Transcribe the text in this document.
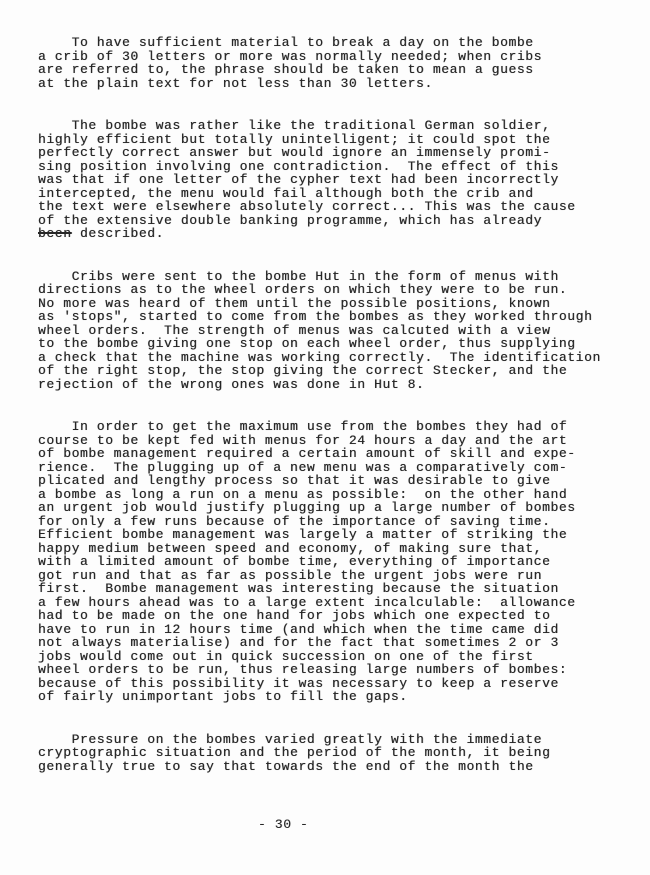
To have sufficient material to break a day on the bombe
a crib of 30 letters or more was normally needed; when cribs
are referred to, the phrase should be taken to mean a guess
at the plain text for not less than 30 letters.
The bombe was rather like the traditional German soldier,
highly efficient but totally unintelligent; it could spot the
perfectly correct answer but would ignore an immensely promi-
sing position involving one contradiction.  The effect of this
was that if one letter of the cypher text had been incorrectly
intercepted, the menu would fail although both the crib and
the text were elsewhere absolutely correct... This was the cause
of the extensive double banking programme, which has already
been described.
Cribs were sent to the bombe Hut in the form of menus with
directions as to the wheel orders on which they were to be run.
No more was heard of them until the possible positions, known
as 'stops", started to come from the bombes as they worked through
wheel orders.  The strength of menus was calcuted with a view
to the bombe giving one stop on each wheel order, thus supplying
a check that the machine was working correctly.  The identification
of the right stop, the stop giving the correct Stecker, and the
rejection of the wrong ones was done in Hut 8.
In order to get the maximum use from the bombes they had of
course to be kept fed with menus for 24 hours a day and the art
of bombe management required a certain amount of skill and expe-
rience.  The plugging up of a new menu was a comparatively com-
plicated and lengthy process so that it was desirable to give
a bombe as long a run on a menu as possible:  on the other hand
an urgent job would justify plugging up a large number of bombes
for only a few runs because of the importance of saving time.
Efficient bombe management was largely a matter of striking the
happy medium between speed and economy, of making sure that,
with a limited amount of bombe time, everything of importance
got run and that as far as possible the urgent jobs were run
first.  Bombe management was interesting because the situation
a few hours ahead was to a large extent incalculable:  allowance
had to be made on the one hand for jobs which one expected to
have to run in 12 hours time (and which when the time came did
not always materialise) and for the fact that sometimes 2 or 3
jobs would come out in quick succession on one of the first
wheel orders to be run, thus releasing large numbers of bombes:
because of this possibility it was necessary to keep a reserve
of fairly unimportant jobs to fill the gaps.
Pressure on the bombes varied greatly with the immediate
cryptographic situation and the period of the month, it being
generally true to say that towards the end of the month the
- 30 -
